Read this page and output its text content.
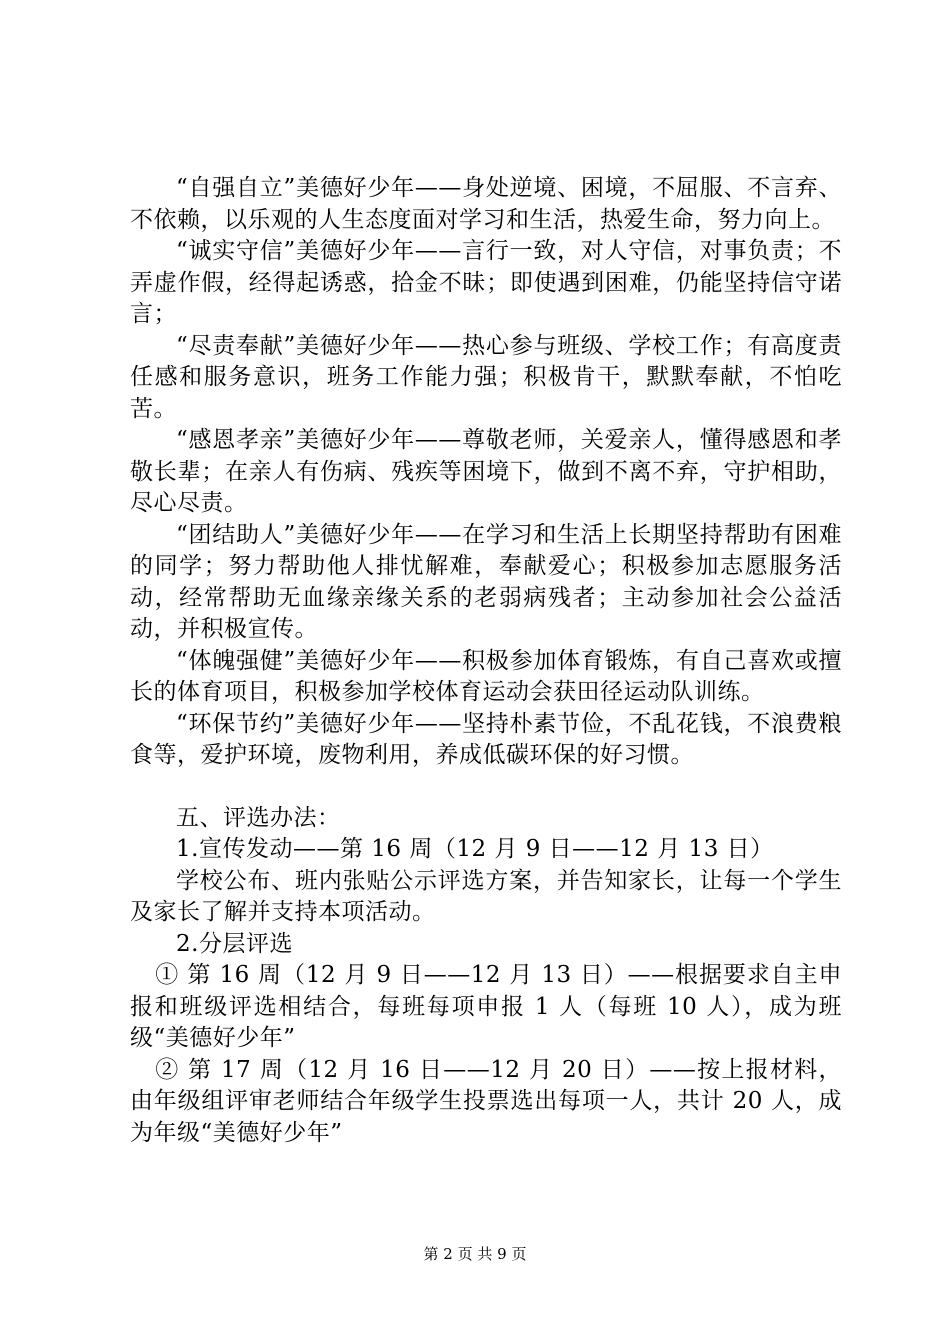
“自强自立”美德好少年——身处逆境、困境，不屈服、不言弃、不依赖，以乐观的人生态度面对学习和生活，热爱生命，努力向上。

“诚实守信”美德好少年——言行一致，对人守信，对事负责；不弄虚作假，经得起诱惑，拾金不昧；即使遇到困难，仍能坚持信守诺言；

“尽责奉献”美德好少年——热心参与班级、学校工作；有高度责任感和服务意识，班务工作能力强；积极肯干，默默奉献，不怕吃苦。

“感恩孝亲”美德好少年——尊敬老师，关爱亲人，懂得感恩和孝敬长辈；在亲人有伤病、残疾等困境下，做到不离不弃，守护相助，尽心尽责。

“团结助人”美德好少年——在学习和生活上长期坚持帮助有困难的同学；努力帮助他人排忧解难，奉献爱心；积极参加志愿服务活动，经常帮助无血缘亲缘关系的老弱病残者；主动参加社会公益活动，并积极宣传。

“体魄强健”美德好少年——积极参加体育锻炼，有自己喜欢或擅长的体育项目，积极参加学校体育运动会获田径运动队训练。

“环保节约”美德好少年——坚持朴素节俭，不乱花钱，不浪费粮食等，爱护环境，废物利用，养成低碳环保的好习惯。

五、评选办法：

1.宣传发动——第 16 周（12 月 9 日——12 月 13 日）

学校公布、班内张贴公示评选方案，并告知家长，让每一个学生及家长了解并支持本项活动。

2.分层评选

① 第 16 周（12 月 9 日——12 月 13 日）——根据要求自主申报和班级评选相结合，每班每项申报 1 人（每班 10 人），成为班级“美德好少年”

② 第 17 周（12 月 16 日——12 月 20 日）——按上报材料，由年级组评审老师结合年级学生投票选出每项一人，共计 20 人，成为年级“美德好少年”

第 2 页 共 9 页
